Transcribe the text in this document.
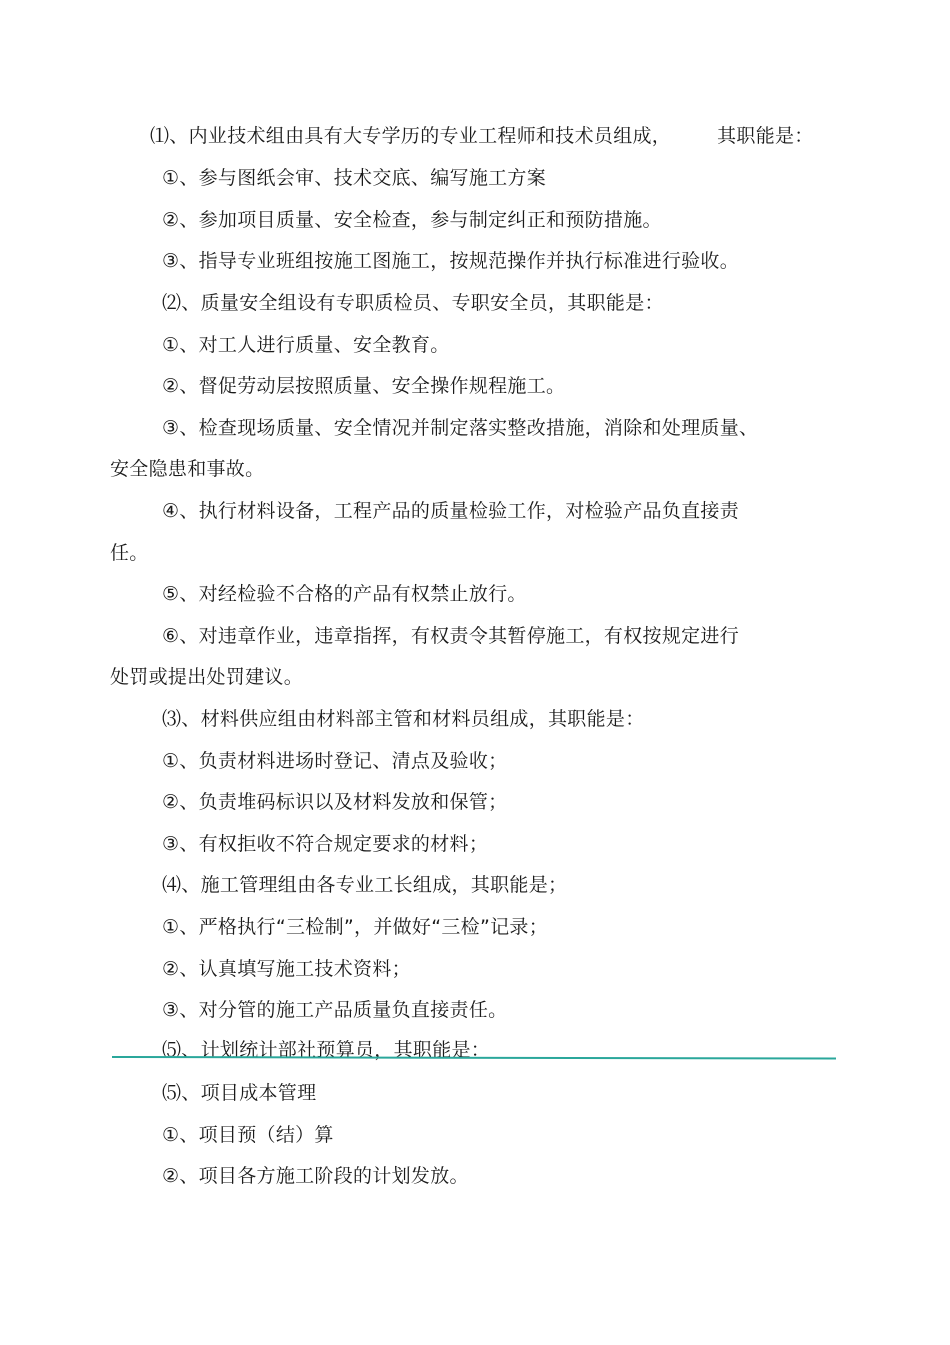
⑴、内业技术组由具有大专学历的专业工程师和技术员组成， 其职能是：
①、参与图纸会审、技术交底、编写施工方案
②、参加项目质量、安全检查，参与制定纠正和预防措施。
③、指导专业班组按施工图施工，按规范操作并执行标准进行验收。
⑵、质量安全组设有专职质检员、专职安全员，其职能是：
①、对工人进行质量、安全教育。
②、督促劳动层按照质量、安全操作规程施工。
③、检查现场质量、安全情况并制定落实整改措施，消除和处理质量、
安全隐患和事故。
④、执行材料设备，工程产品的质量检验工作，对检验产品负直接责
任。
⑤、对经检验不合格的产品有权禁止放行。
⑥、对违章作业，违章指挥，有权责令其暂停施工，有权按规定进行
处罚或提出处罚建议。
⑶、材料供应组由材料部主管和材料员组成，其职能是：
①、负责材料进场时登记、清点及验收；
②、负责堆码标识以及材料发放和保管；
③、有权拒收不符合规定要求的材料；
⑷、施工管理组由各专业工长组成，其职能是；
①、严格执行“三检制”，并做好“三检”记录；
②、认真填写施工技术资料；
③、对分管的施工产品质量负直接责任。
⑸、计划统计部社预算员，其职能是：
⑸、项目成本管理
①、项目预（结）算
②、项目各方施工阶段的计划发放。
